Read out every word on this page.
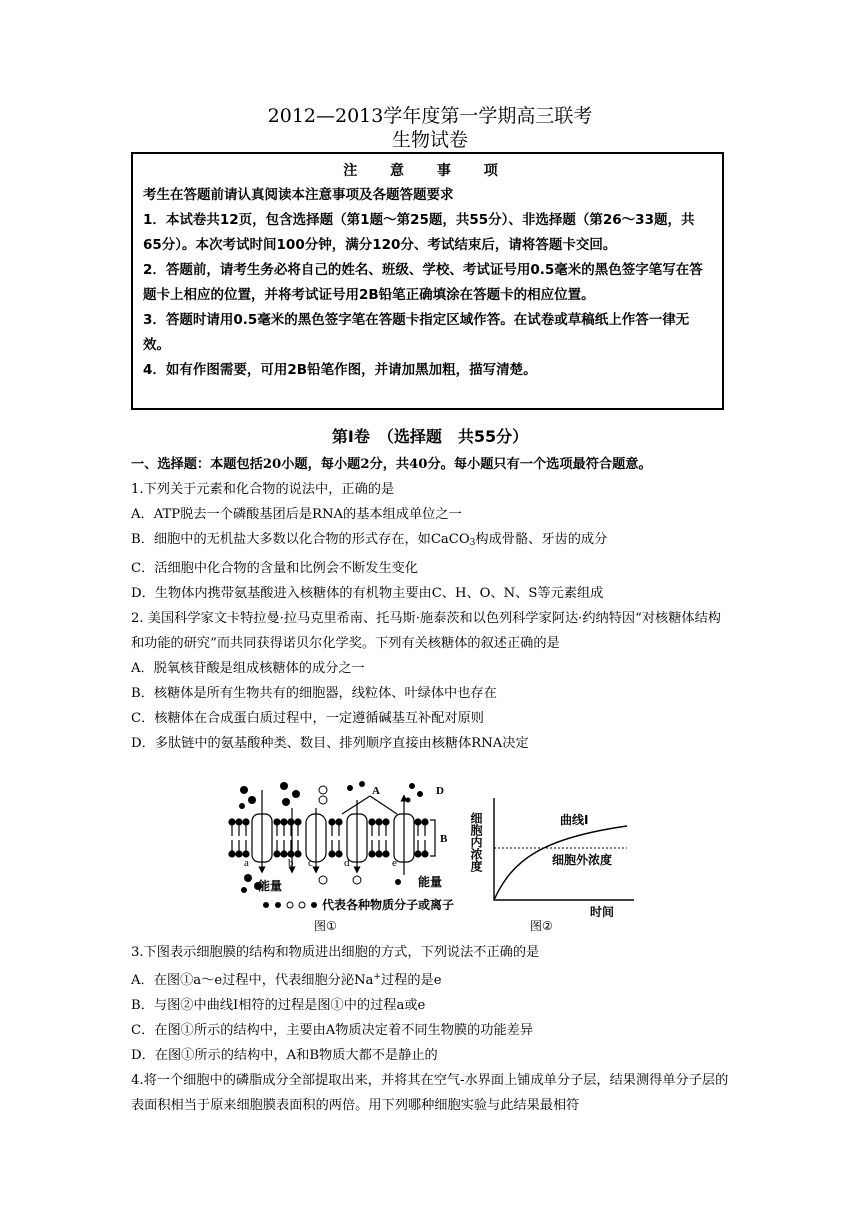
2012—2013学年度第一学期高三联考
生物试卷
注 意 事 项

考生在答题前请认真阅读本注意事项及各题答题要求

1．本试卷共12页，包含选择题（第1题～第25题，共55分）、非选择题（第26～33题，共65分）。本次考试时间100分钟，满分120分、考试结束后，请将答题卡交回。

2．答题前，请考生务必将自己的姓名、班级、学校、考试证号用0.5毫米的黑色签字笔写在答题卡上相应的位置，并将考试证号用2B铅笔正确填涂在答题卡的相应位置。

3．答题时请用0.5毫米的黑色签字笔在答题卡指定区域作答。在试卷或草稿纸上作答一律无效。

4．如有作图需要，可用2B铅笔作图，并请加黑加粗，描写清楚。

第Ⅰ卷　（选择题　共55分）

一、选择题：本题包括20小题，每小题2分，共40分。每小题只有一个选项最符合题意。

1.下列关于元素和化合物的说法中，正确的是

A．ATP脱去一个磷酸基团后是RNA的基本组成单位之一

B．细胞中的无机盐大多数以化合物的形式存在，如CaCO$_3$构成骨骼、牙齿的成分

C．活细胞中化合物的含量和比例会不断发生变化

D．生物体内携带氨基酸进入核糖体的有机物主要由C、H、O、N、S等元素组成

2. 美国科学家文卡特拉曼·拉马克里希南、托马斯·施泰茨和以色列科学家阿达·约纳特因“对核糖体结构和功能的研究”而共同获得诺贝尔化学奖。下列有关核糖体的叙述正确的是

A．脱氧核苷酸是组成核糖体的成分之一

B．核糖体是所有生物共有的细胞器，线粒体、叶绿体中也存在

C．核糖体在合成蛋白质过程中，一定遵循碱基互补配对原则

D．多肽链中的氨基酸种类、数目、排列顺序直接由核糖体RNA决定

a	b c	d	e
A	D
B
能量	能量
代表各种物质分子或离子
图①
细胞内浓度	曲线Ⅰ
细胞外浓度
时间
图②

3.下图表示细胞膜的结构和物质进出细胞的方式，下列说法不正确的是

A．在图①a～e过程中，代表细胞分泌Na+过程的是e

B．与图②中曲线Ⅰ相符的过程是图①中的过程a或e

C．在图①所示的结构中，主要由A物质决定着不同生物膜的功能差异

D．在图①所示的结构中，A和B物质大都不是静止的

4.将一个细胞中的磷脂成分全部提取出来，并将其在空气-水界面上铺成单分子层，结果测得单分子层的表面积相当于原来细胞膜表面积的两倍。用下列哪种细胞实验与此结果最相符
